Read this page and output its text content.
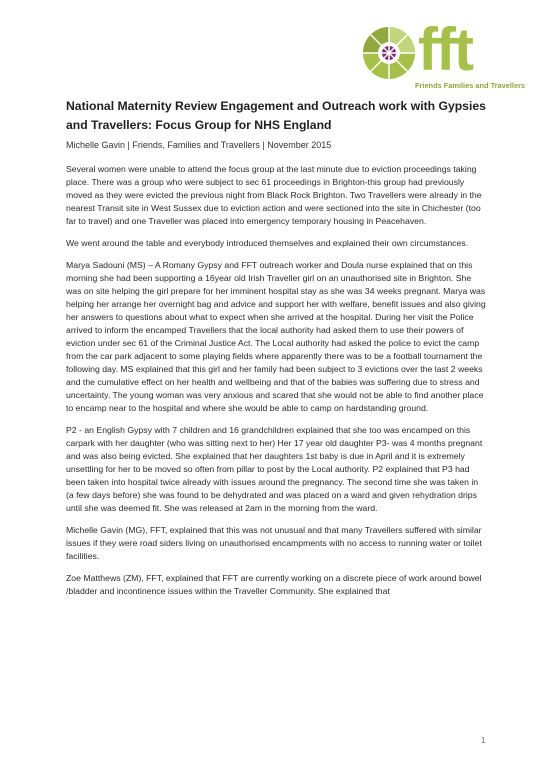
fft
Friends Families and Travellers
National Maternity Review Engagement and Outreach work with Gypsies and Travellers: Focus Group for NHS England

Michelle Gavin | Friends, Families and Travellers | November 2015

Several women were unable to attend the focus group at the last minute due to eviction proceedings taking place. There was a group who were subject to sec 61 proceedings in Brighton-this group had previously moved as they were evicted the previous night from Black Rock Brighton. Two Travellers were already in the nearest Transit site in West Sussex due to eviction action and were sectioned into the site in Chichester (too far to travel) and one Traveller was placed into emergency temporary housing in Peacehaven.

We went around the table and everybody introduced themselves and explained their own circumstances.

Marya Sadouni (MS) – A Romany Gypsy and FFT outreach worker and Doula nurse explained that on this morning she had been supporting a 16year old Irish Traveller girl on an unauthorised site in Brighton. She was on site helping the girl prepare for her imminent hospital stay as she was 34 weeks pregnant. Marya was helping her arrange her overnight bag and advice and support her with welfare, benefit issues and also giving her answers to questions about what to expect when she arrived at the hospital. During her visit the Police arrived to inform the encamped Travellers that the local authority had asked them to use their powers of eviction under sec 61 of the Criminal Justice Act. The Local authority had asked the police to evict the camp from the car park adjacent to some playing fields where apparently there was to be a football tournament the following day. MS explained that this girl and her family had been subject to 3 evictions over the last 2 weeks and the cumulative effect on her health and wellbeing and that of the babies was suffering due to stress and uncertainty. The young woman was very anxious and scared that she would not be able to find another place to encamp near to the hospital and where she would be able to camp on hardstanding ground.

P2 - an English Gypsy with 7 children and 16 grandchildren explained that she too was encamped on this carpark with her daughter (who was sitting next to her) Her 17 year old daughter P3- was 4 months pregnant and was also being evicted. She explained that her daughters 1st baby is due in April and it is extremely unsettling for her to be moved so often from pillar to post by the Local authority. P2 explained that P3 had been taken into hospital twice already with issues around the pregnancy. The second time she was taken in (a few days before) she was found to be dehydrated and was placed on a ward and given rehydration drips until she was deemed fit. She was released at 2am in the morning from the ward.

Michelle Gavin (MG), FFT, explained that this was not unusual and that many Travellers suffered with similar issues if they were road siders living on unauthorised encampments with no access to running water or toilet facilities.

Zoe Matthews (ZM), FFT, explained that FFT are currently working on a discrete piece of work around bowel /bladder and incontinence issues within the Traveller Community. She explained that

1
